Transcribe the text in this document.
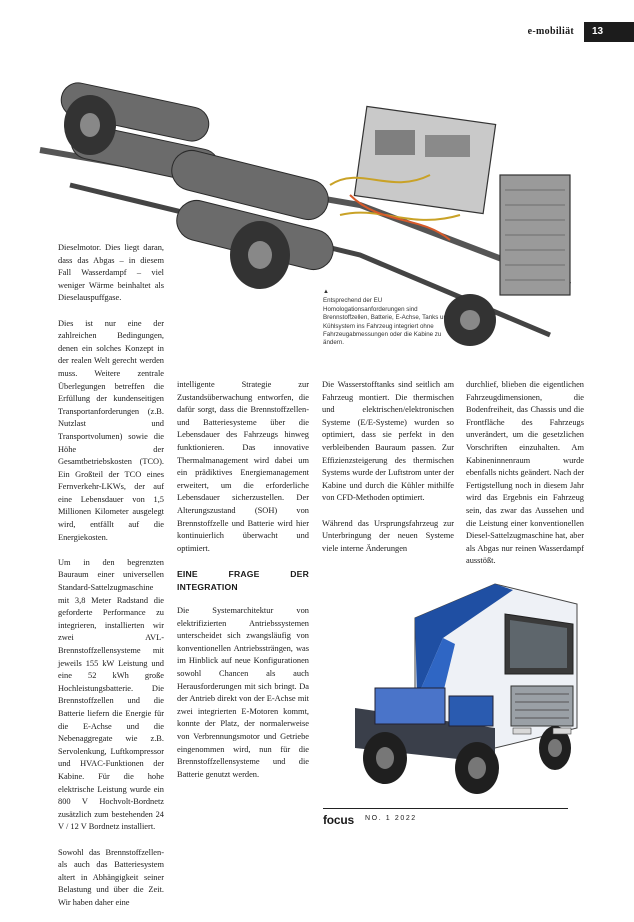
e-mobiliät	13
▲
Entsprechend der EU Homologationsanforderungen sind Brennstoffzellen, Batterie, E-Achse, Tanks und Kühlsystem ins Fahrzeug integriert ohne Fahrzeugabmessungen oder die Kabine zu ändern.

Dieselmotor. Dies liegt daran, dass das Abgas – in diesem Fall Wasserdampf – viel weniger Wärme beinhaltet als Dieselauspuffgase.

Dies ist nur eine der zahlreichen Bedingungen, denen ein solches Konzept in der realen Welt gerecht werden muss. Weitere zentrale Überlegungen betreffen die Erfüllung der kundenseitigen Transportanforderungen (z.B. Nutzlast und Transportvolumen) sowie die Höhe der Gesamtbetriebskosten (TCO). Ein Großteil der TCO eines Fernverkehr-LKWs, der auf eine Lebensdauer von 1,5 Millionen Kilometer ausgelegt wird, entfällt auf die Energiekosten.

Um in den begrenzten Bauraum einer universellen Standard-Sattelzugmaschine mit 3,8 Meter Radstand die geforderte Performance zu integrieren, installierten wir zwei AVL-Brennstoffzellensysteme mit jeweils 155 kW Leistung und eine 52 kWh große Hochleistungsbatterie. Die Brennstoffzellen und die Batterie liefern die Energie für die E-Achse und die Nebenaggregate wie z.B. Servolenkung, Luftkompressor und HVAC-Funktionen der Kabine. Für die hohe elektrische Leistung wurde ein 800 V Hochvolt-Bordnetz zusätzlich zum bestehenden 24 V / 12 V Bordnetz installiert.

Sowohl das Brennstoffzellen- als auch das Batteriesystem altert in Abhängigkeit seiner Belastung und über die Zeit. Wir haben daher eine

intelligente Strategie zur Zustandsüberwachung entworfen, die dafür sorgt, dass die Brennstoffzellen- und Batteriesysteme über die Lebensdauer des Fahrzeugs hinweg funktionieren. Das innovative Thermalmanagement wird dabei um ein prädiktives Energiemanagement erweitert, um die erforderliche Lebensdauer sicherzustellen. Der Alterungszustand (SOH) von Brennstoffzelle und Batterie wird hier kontinuierlich überwacht und optimiert.

EINE FRAGE DER INTEGRATION

Die Systemarchitektur von elektrifizierten Antriebssystemen unterscheidet sich zwangsläufig von konventionellen Antriebssträngen, was im Hinblick auf neue Konfigurationen sowohl Chancen als auch Herausforderungen mit sich bringt. Da der Antrieb direkt von der E-Achse mit zwei integrierten E-Motoren kommt, konnte der Platz, der normalerweise von Verbrennungsmotor und Getriebe eingenommen wird, nun für die Brennstoffzellensysteme und die Batterie genutzt werden.

Die Wasserstofftanks sind seitlich am Fahrzeug montiert. Die thermischen und elektrischen/elektronischen Systeme (E/E-Systeme) wurden so optimiert, dass sie perfekt in den verbleibenden Bauraum passen. Zur Effizienzsteigerung des thermischen Systems wurde der Luftstrom unter der Kabine und durch die Kühler mithilfe von CFD-Methoden optimiert.

Während das Ursprungsfahrzeug zur Unterbringung der neuen Systeme viele interne Änderungen

durchlief, blieben die eigentlichen Fahrzeugdimensionen, die Bodenfreiheit, das Chassis und die Frontfläche des Fahrzeugs unverändert, um die gesetzlichen Vorschriften einzuhalten. Am Kabineninnenraum wurde ebenfalls nichts geändert. Nach der Fertigstellung noch in diesem Jahr wird das Ergebnis ein Fahrzeug sein, das zwar das Aussehen und die Leistung einer konventionellen Diesel-Sattelzugmaschine hat, aber als Abgas nur reinen Wasserdampf ausstößt.

focus NO. 1 2022
